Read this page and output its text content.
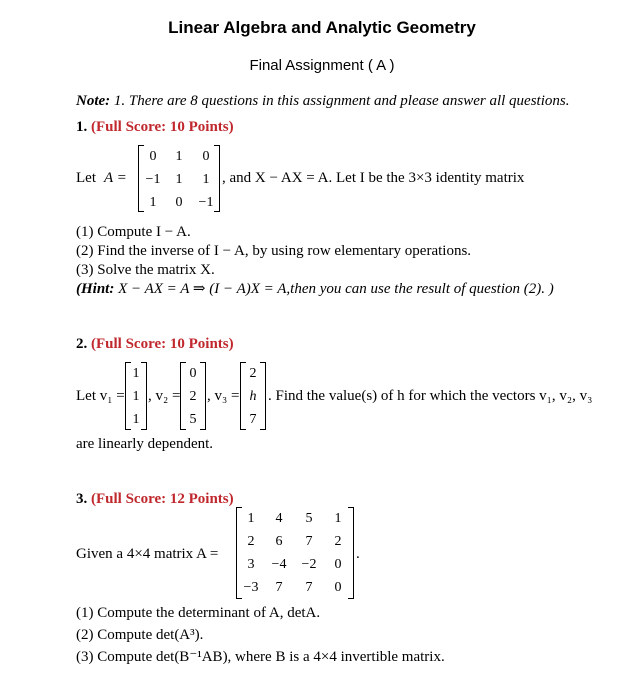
Linear Algebra and Analytic Geometry
Final Assignment ( A )
Note: 1. There are 8 questions in this assignment and please answer all questions.
1. (Full Score: 10 Points)
Let A =
0	1	0
−1	1	1
1	0	−1
, and X − AX = A. Let I be the 3×3 identity matrix
(1) Compute I − A.
(2) Find the inverse of I − A, by using row elementary operations.
(3) Solve the matrix X.
(Hint: X − AX = A ⇒ (I − A)X = A,then you can use the result of question (2). )
2. (Full Score: 10 Points)
Let v₁ =
1
1
1
, v₂ =
0
2
5
, v₃ =
2
h
7
. Find the value(s) of h for which the vectors v₁, v₂, v₃
are linearly dependent.
3. (Full Score: 12 Points)
Given a 4×4 matrix A =
1	4	5	1
2	6	7	2
3	−4	−2	0
−3	7	7	0
.
(1) Compute the determinant of A, detA.
(2) Compute det(A³).
(3) Compute det(B⁻¹AB), where B is a 4×4 invertible matrix.
